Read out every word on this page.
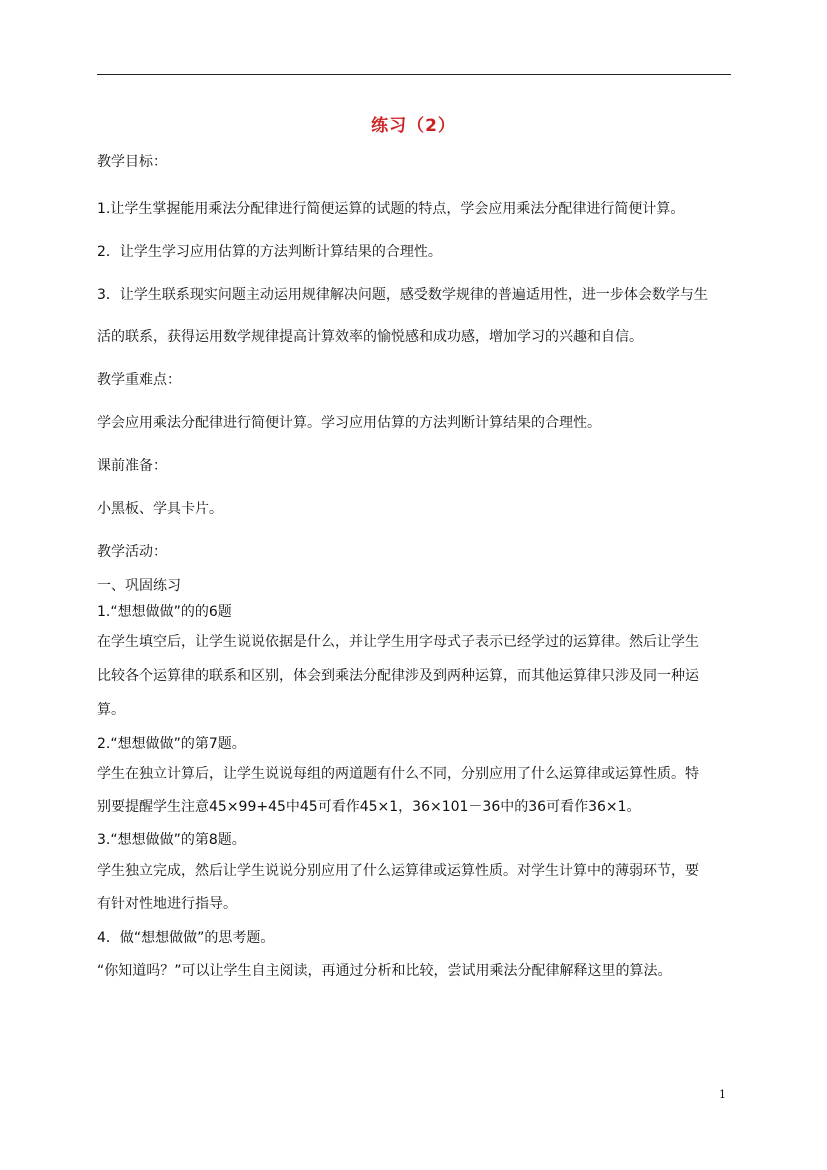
练习（2）
教学目标：
1.让学生掌握能用乘法分配律进行简便运算的试题的特点，学会应用乘法分配律进行简便计算。
2．让学生学习应用估算的方法判断计算结果的合理性。
3．让学生联系现实问题主动运用规律解决问题，感受数学规律的普遍适用性，进一步体会数学与生
活的联系，获得运用数学规律提高计算效率的愉悦感和成功感，增加学习的兴趣和自信。
教学重难点：
学会应用乘法分配律进行简便计算。学习应用估算的方法判断计算结果的合理性。
课前准备：
小黑板、学具卡片。
教学活动：
一、巩固练习
1.“想想做做”的的6题
在学生填空后，让学生说说依据是什么，并让学生用字母式子表示已经学过的运算律。然后让学生
比较各个运算律的联系和区别，体会到乘法分配律涉及到两种运算，而其他运算律只涉及同一种运
算。
2.“想想做做”的第7题。
学生在独立计算后，让学生说说每组的两道题有什么不同，分别应用了什么运算律或运算性质。特
别要提醒学生注意45×99+45中45可看作45×1，36×101－36中的36可看作36×1。
3.“想想做做”的第8题。
学生独立完成，然后让学生说说分别应用了什么运算律或运算性质。对学生计算中的薄弱环节，要
有针对性地进行指导。
4．做“想想做做”的思考题。
“你知道吗？”可以让学生自主阅读，再通过分析和比较，尝试用乘法分配律解释这里的算法。
1
